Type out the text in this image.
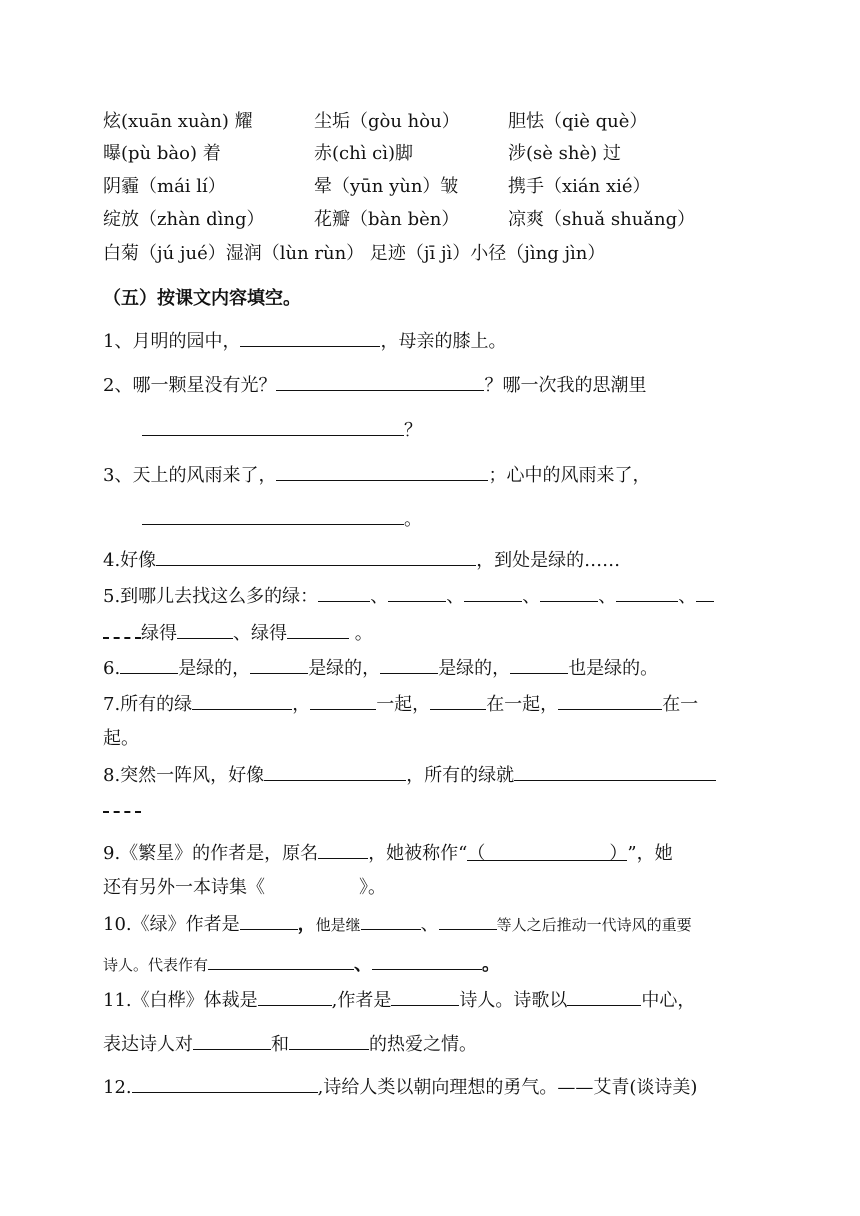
炫(xuān xuàn) 耀	尘垢（gòu hòu）	胆怯（qiè què）
曝(pù bào) 着	赤(chì cì)脚	涉(sè shè) 过
阴霾（mái lí）	晕（yūn yùn）皱	携手（xián xié）
绽放（zhàn dìng）	花瓣（bàn bèn）	凉爽（shuǎ shuǎng）
白菊（jú jué）湿润（lùn rùn） 足迹（jī jì）小径（jìng jìn）
（五）按课文内容填空。
1、月明的园中，	，母亲的膝上。
2、哪一颗星没有光？	？哪一次我的思潮里
？
3、天上的风雨来了，	；心中的风雨来了，
。
4.好像	，到处是绿的……
5.到哪儿去找这么多的绿：	、	、	、	、	、
绿得	、绿得	。
6.	是绿的，	是绿的，	是绿的，	也是绿的。
7.所有的绿	，	一起，	在一起，	在一
起。
8.突然一阵风，好像	，所有的绿就
9.《繁星》的作者是，原名	，她被称作“（	）”，她
还有另外一本诗集《	》。
10.《绿》作者是	，他是继	、	等人之后推动一代诗风的重要
诗人。代表作有	、	。
11.《白桦》体裁是	,作者是	诗人。诗歌以	中心，
表达诗人对	和	的热爱之情。
12.	,诗给人类以朝向理想的勇气。——艾青(谈诗美)
